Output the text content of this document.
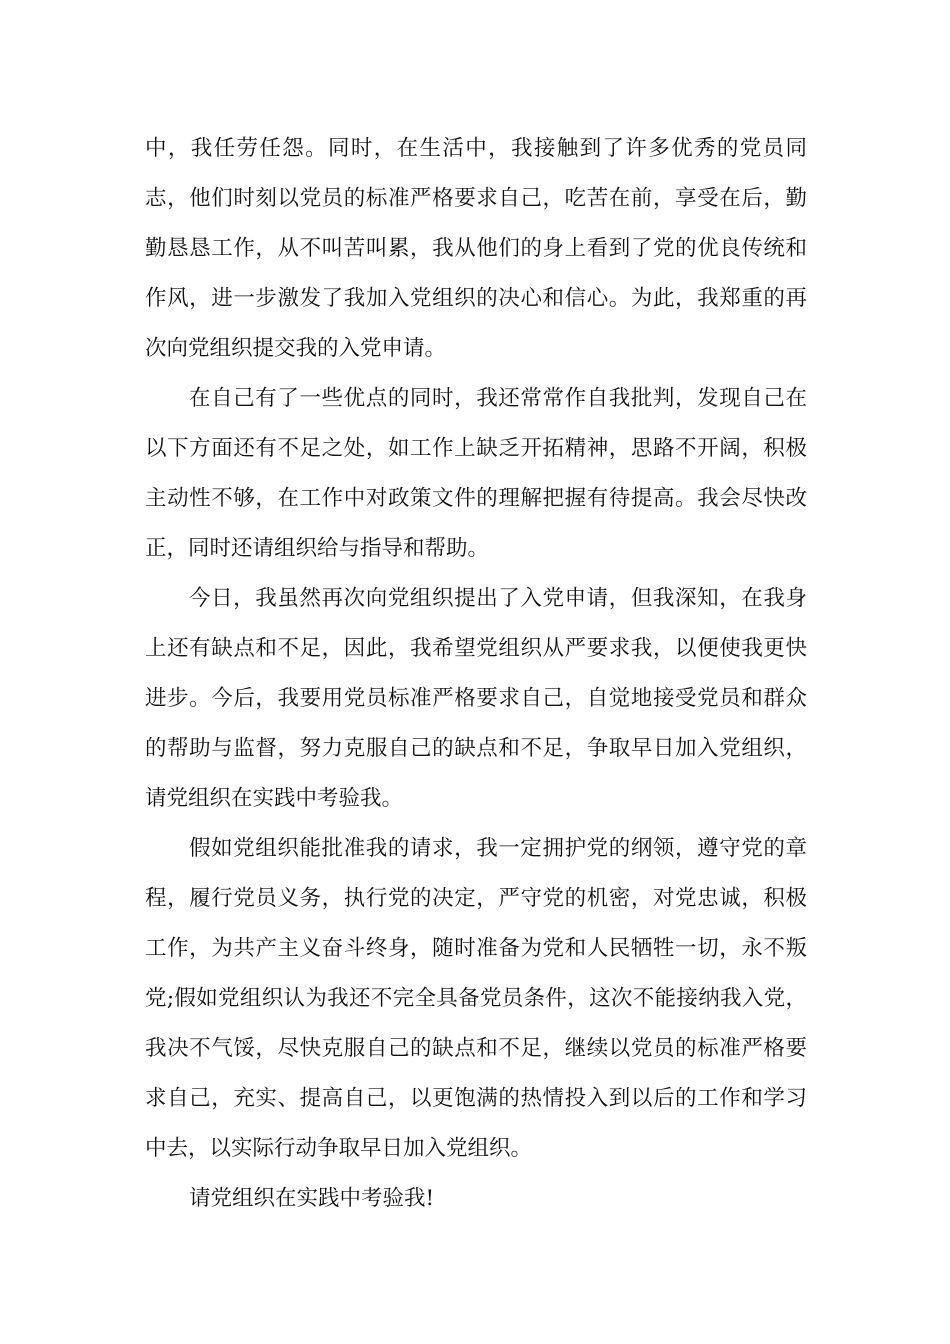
中，我任劳任怨。同时，在生活中，我接触到了许多优秀的党员同志，他们时刻以党员的标准严格要求自己，吃苦在前，享受在后，勤勤恳恳工作，从不叫苦叫累，我从他们的身上看到了党的优良传统和作风，进一步激发了我加入党组织的决心和信心。为此，我郑重的再次向党组织提交我的入党申请。

在自己有了一些优点的同时，我还常常作自我批判，发现自己在以下方面还有不足之处，如工作上缺乏开拓精神，思路不开阔，积极主动性不够，在工作中对政策文件的理解把握有待提高。我会尽快改正，同时还请组织给与指导和帮助。

今日，我虽然再次向党组织提出了入党申请，但我深知，在我身上还有缺点和不足，因此，我希望党组织从严要求我，以便使我更快进步。今后，我要用党员标准严格要求自己，自觉地接受党员和群众的帮助与监督，努力克服自己的缺点和不足，争取早日加入党组织，请党组织在实践中考验我。

假如党组织能批准我的请求，我一定拥护党的纲领，遵守党的章程，履行党员义务，执行党的决定，严守党的机密，对党忠诚，积极工作，为共产主义奋斗终身，随时准备为党和人民牺牲一切，永不叛党;假如党组织认为我还不完全具备党员条件，这次不能接纳我入党，我决不气馁，尽快克服自己的缺点和不足，继续以党员的标准严格要求自己，充实、提高自己，以更饱满的热情投入到以后的工作和学习中去，以实际行动争取早日加入党组织。

请党组织在实践中考验我!
